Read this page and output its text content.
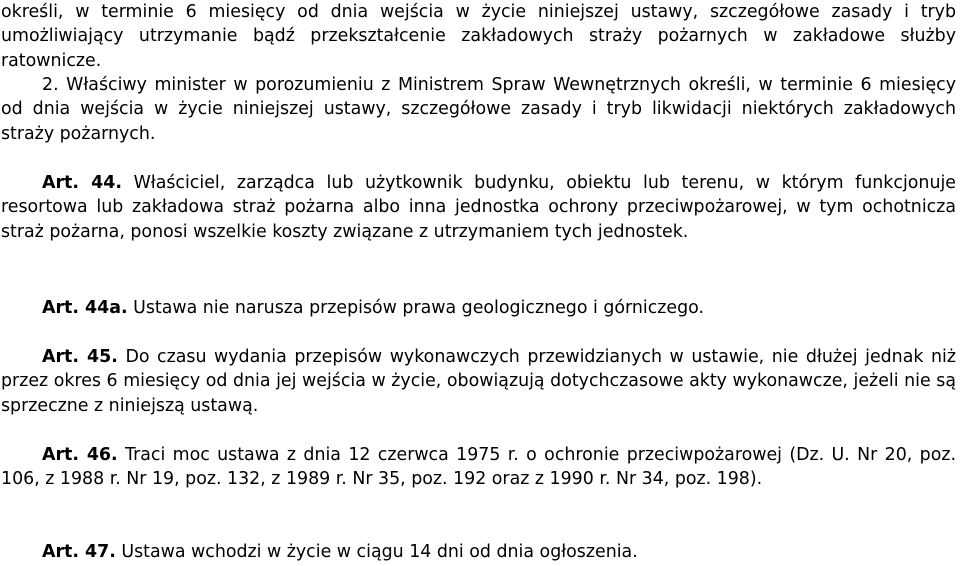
określi, w terminie 6 miesięcy od dnia wejścia w życie niniejszej ustawy, szczegółowe zasady i tryb umożliwiający utrzymanie bądź przekształcenie zakładowych straży pożarnych w zakładowe służby ratownicze.

2. Właściwy minister w porozumieniu z Ministrem Spraw Wewnętrznych określi, w terminie 6 miesięcy od dnia wejścia w życie niniejszej ustawy, szczegółowe zasady i tryb likwidacji niektórych zakładowych straży pożarnych.

Art. 44. Właściciel, zarządca lub użytkownik budynku, obiektu lub terenu, w którym funkcjonuje resortowa lub zakładowa straż pożarna albo inna jednostka ochrony przeciwpożarowej, w tym ochotnicza straż pożarna, ponosi wszelkie koszty związane z utrzymaniem tych jednostek.

Art. 44a. Ustawa nie narusza przepisów prawa geologicznego i górniczego.

Art. 45. Do czasu wydania przepisów wykonawczych przewidzianych w ustawie, nie dłużej jednak niż przez okres 6 miesięcy od dnia jej wejścia w życie, obowiązują dotychczasowe akty wykonawcze, jeżeli nie są sprzeczne z niniejszą ustawą.

Art. 46. Traci moc ustawa z dnia 12 czerwca 1975 r. o ochronie przeciwpożarowej (Dz. U. Nr 20, poz. 106, z 1988 r. Nr 19, poz. 132, z 1989 r. Nr 35, poz. 192 oraz z 1990 r. Nr 34, poz. 198).

Art. 47. Ustawa wchodzi w życie w ciągu 14 dni od dnia ogłoszenia.
